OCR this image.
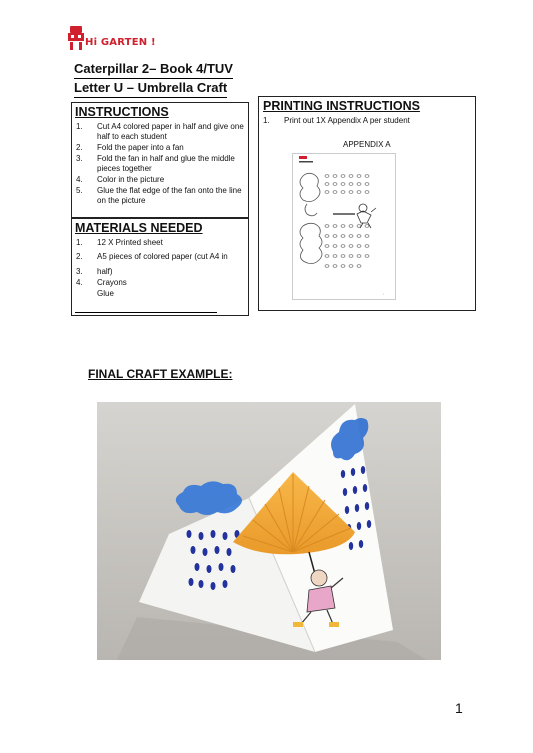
Hi GARTEN !
Caterpillar 2– Book 4/TUV
Letter U – Umbrella Craft
INSTRUCTIONS
1. Cut A4 colored paper in half and give one half to each student
2. Fold the paper into a fan
3. Fold the fan in half and glue the middle pieces together
4. Color in the picture
5. Glue the flat edge of the fan onto the line on the picture
MATERIALS NEEDED
1. 12 X Printed sheet
2. A5 pieces of colored paper (cut A4 in
3. half)
4. Crayons
Glue
PRINTING INSTRUCTIONS
1. Print out 1X Appendix A per student
APPENDIX A
▫
FINAL CRAFT EXAMPLE:
1
